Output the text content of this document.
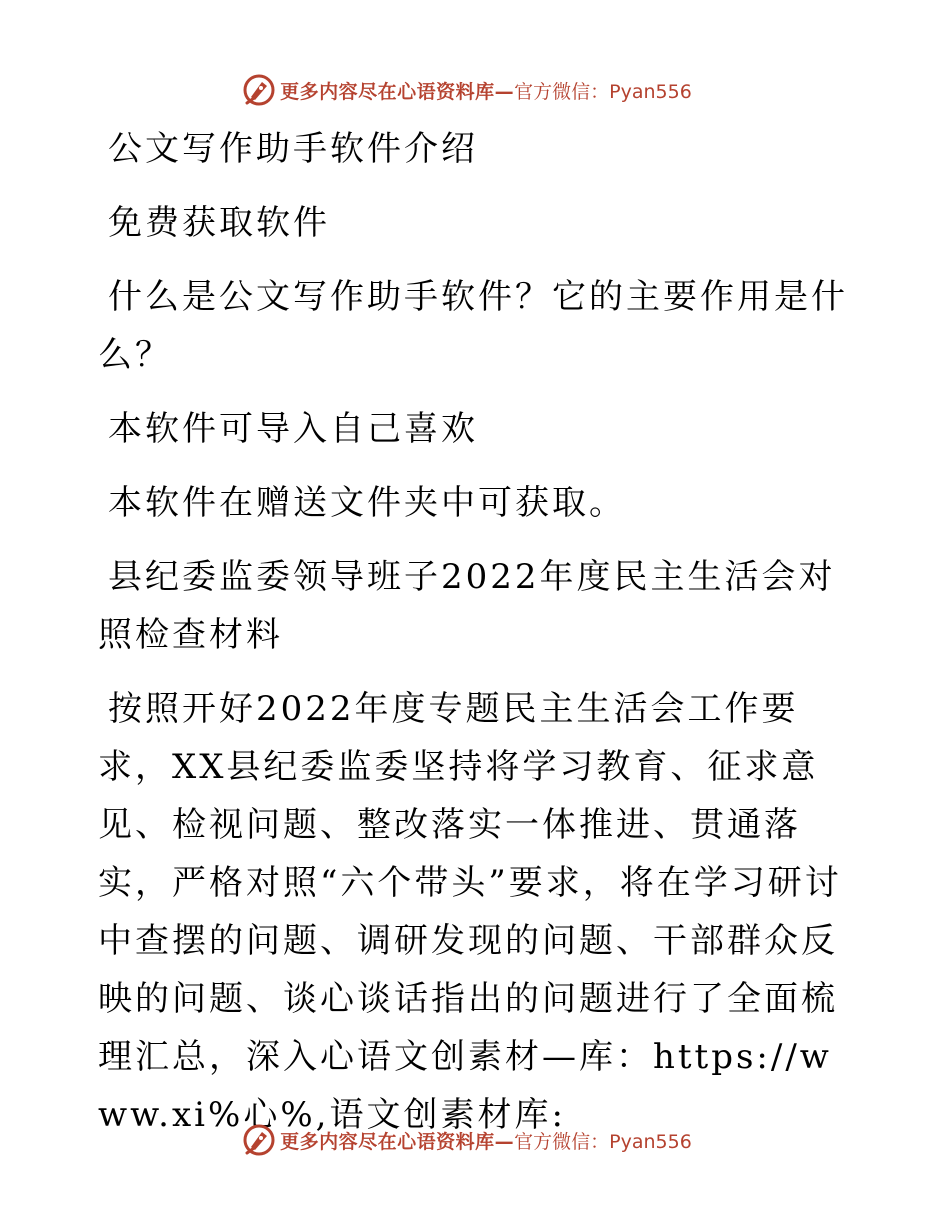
更多内容尽在心语资料库— 官方微信：Pyan556

公文写作助手软件介绍

免费获取软件

什么是公文写作助手软件？它的主要作用是什么？

本软件可导入自己喜欢

本软件在赠送文件夹中可获取。

县纪委监委领导班子2022年度民主生活会对照检查材料

按照开好2022年度专题民主生活会工作要求，XX县纪委监委坚持将学习教育、征求意见、检视问题、整改落实一体推进、贯通落实，严格对照“六个带头”要求，将在学习研讨中查摆的问题、调研发现的问题、干部群众反映的问题、谈心谈话指出的问题进行了全面梳理汇总，深入心语文创素材—库：https://www.xi%心%,语文创素材库:

更多内容尽在心语资料库— 官方微信：Pyan556
